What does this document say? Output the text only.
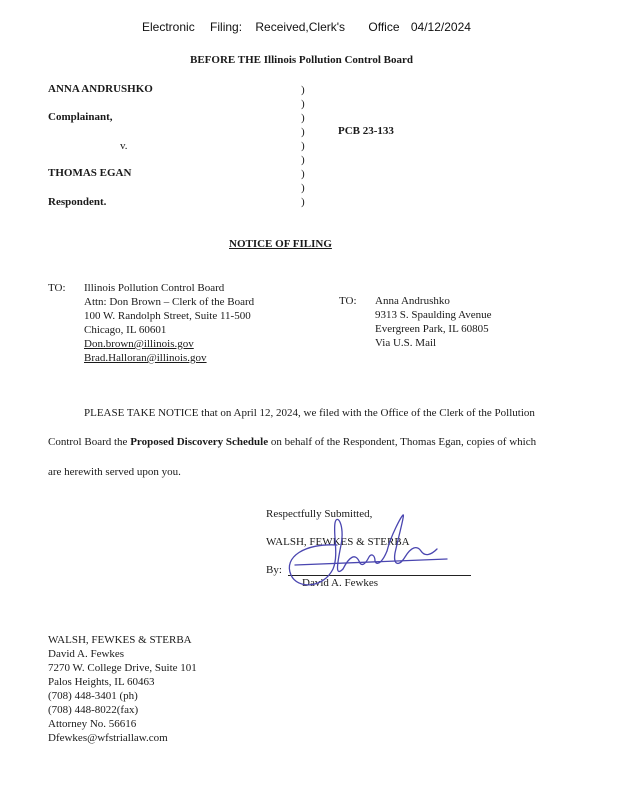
Electronic Filing: Received,Clerk's Office 04/12/2024
BEFORE THE Illinois Pollution Control Board
ANNA ANDRUSHKO
Complainant,
v.
THOMAS EGAN
Respondent.
)
)
)
)
)
)
)
)
)
PCB 23-133
NOTICE OF FILING
TO: Illinois Pollution Control Board
Attn: Don Brown – Clerk of the Board
100 W. Randolph Street, Suite 11-500
Chicago, IL 60601
Don.brown@illinois.gov
Brad.Halloran@illinois.gov
TO: Anna Andrushko
9313 S. Spaulding Avenue
Evergreen Park, IL 60805
Via U.S. Mail
PLEASE TAKE NOTICE that on April 12, 2024, we filed with the Office of the Clerk of the Pollution
Control Board the Proposed Discovery Schedule on behalf of the Respondent, Thomas Egan, copies of which
are herewith served upon you.
Respectfully Submitted,
WALSH, FEWKES & STERBA
By:
David A. Fewkes
WALSH, FEWKES & STERBA
David A. Fewkes
7270 W. College Drive, Suite 101
Palos Heights, IL 60463
(708) 448-3401 (ph)
(708) 448-8022(fax)
Attorney No. 56616
Dfewkes@wfstriallaw.com
